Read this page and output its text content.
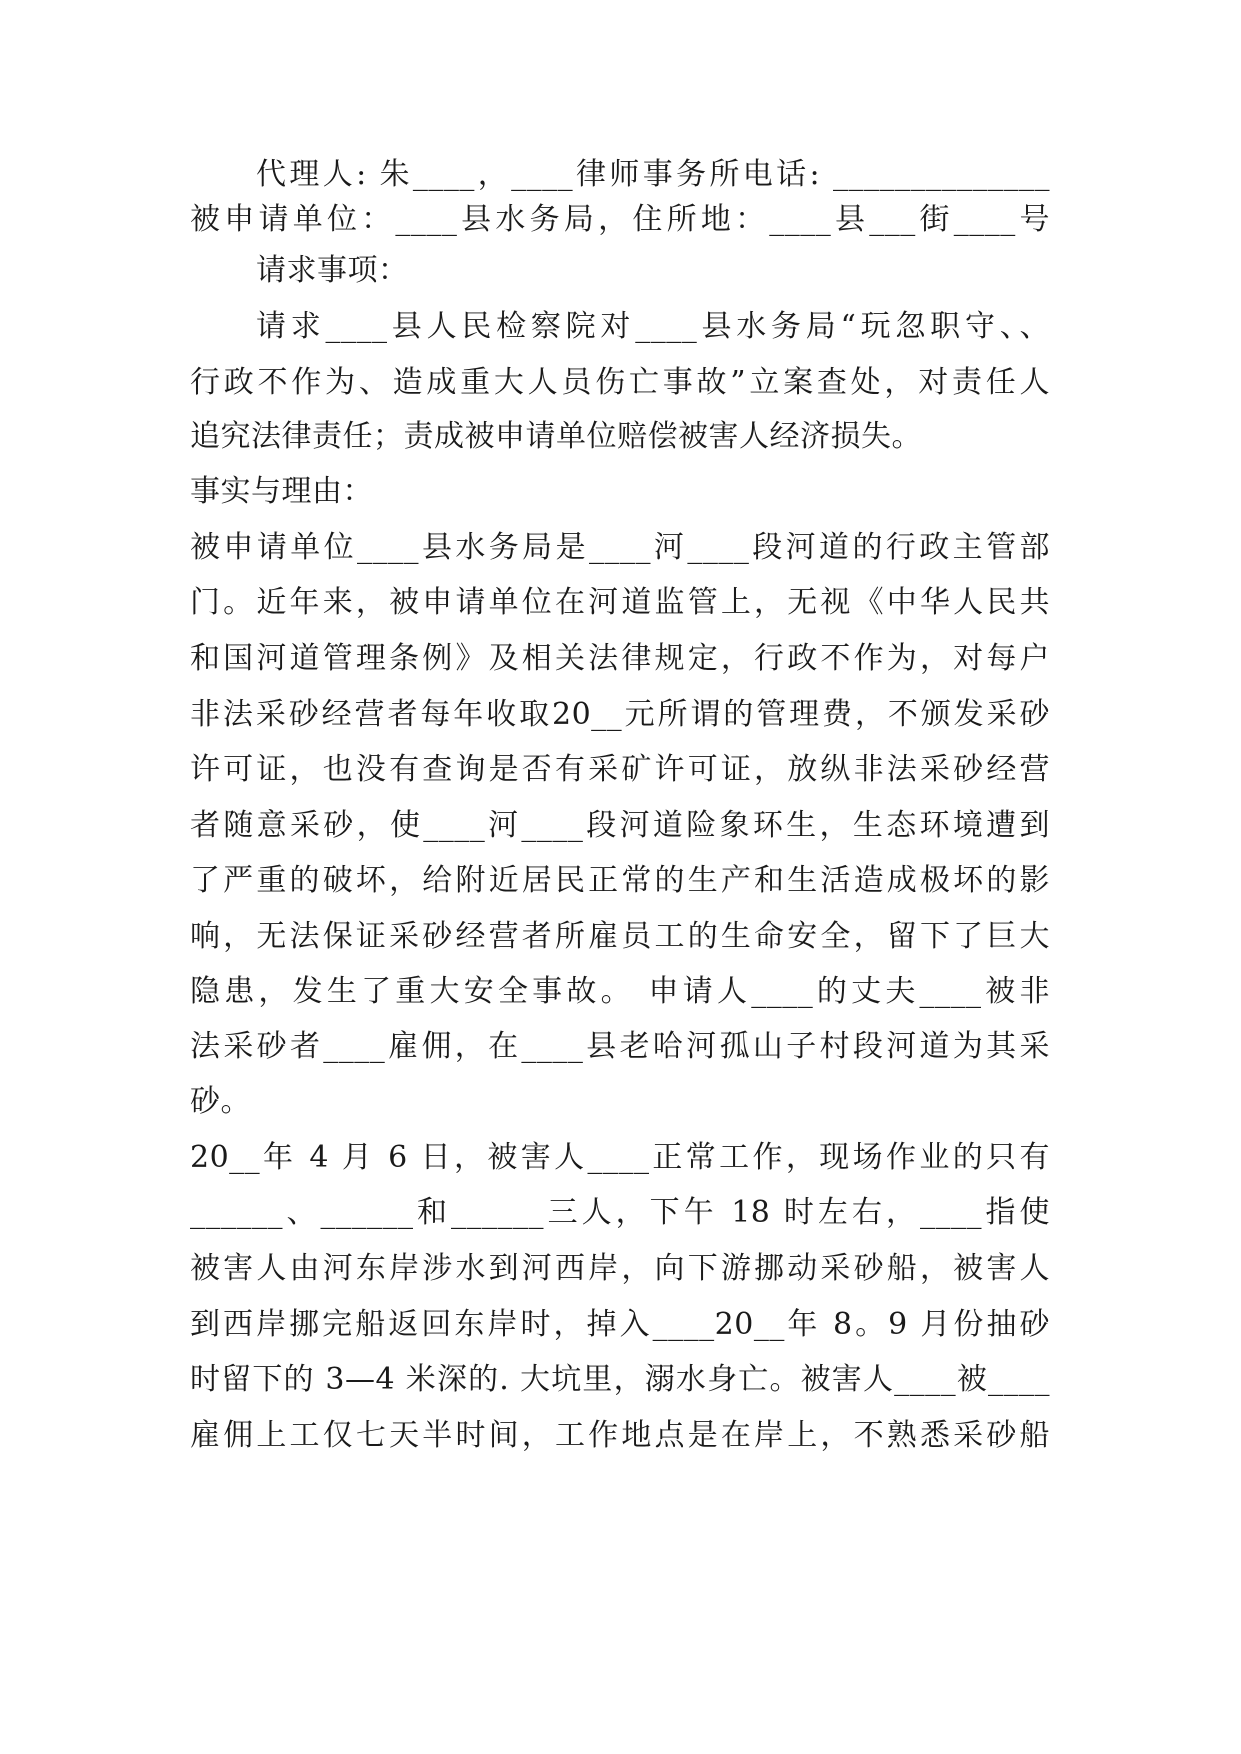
代理人: 朱____，____律师事务所电话: ______________
被申请单位：____县水务局，住所地：____县___街____号
请求事项：
请求____县人民检察院对____县水务局“玩忽职守、、
行政不作为、造成重大人员伤亡事故”立案查处，对责任人
追究法律责任；责成被申请单位赔偿被害人经济损失。
事实与理由：
被申请单位____县水务局是____河____段河道的行政主管部
门。近年来，被申请单位在河道监管上，无视《中华人民共
和国河道管理条例》及相关法律规定，行政不作为，对每户
非法采砂经营者每年收取20__元所谓的管理费，不颁发采砂
许可证，也没有查询是否有采矿许可证，放纵非法采砂经营
者随意采砂，使____河____段河道险象环生，生态环境遭到
了严重的破坏，给附近居民正常的生产和生活造成极坏的影
响，无法保证采砂经营者所雇员工的生命安全，留下了巨大
隐患，发生了重大安全事故。 申请人____的丈夫____被非
法采砂者____雇佣，在____县老哈河孤山子村段河道为其采
砂。
20__年 4 月 6 日，被害人____正常工作，现场作业的只有
______、______和______三人，下午 18 时左右，____指使
被害人由河东岸涉水到河西岸，向下游挪动采砂船，被害人
到西岸挪完船返回东岸时，掉入____20__年 8。9 月份抽砂
时留下的 3—4 米深的. 大坑里，溺水身亡。被害人____被____
雇佣上工仅七天半时间，工作地点是在岸上，不熟悉采砂船
